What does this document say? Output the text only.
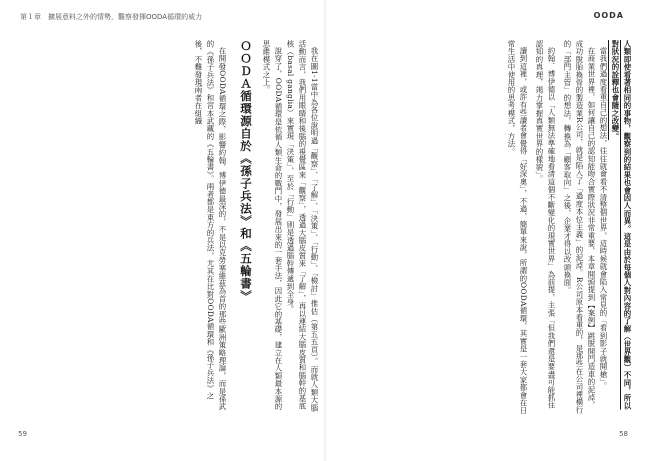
第１章　擴展意料之外的情勢，觀察發揮OODA循環的威力

我在圖1-1當中為各位說明過「觀察」、「了解」、「決策」、「行動」、「檢討」推估（第五五頁）。而就人類大腦活動而言，我們用眼睛和後腦的視覺區來「觀察」，透過大腦皮質來「了解」，再以連結大腦皮質和腦幹的基底核（basal ganglia）來實現「決策」，至於「行動」則是透過腦幹傳遞到全身。

說穿了，OODA循環是依循人類生命的戰鬥中，發展出來的一套手法，因此它的基礎，建立在人類最本源的思維模式之上。

ＯＯＤＡ循環源自於《孫子兵法》和《五輪書》

在開發OODA循環之際，影響約翰．博伊德最深的，不是以克勞塞維茲為首的那些歐洲策略理論，而是孫武的《孫子兵法》和宮本武藏的《五輪書》。兩者都是東方的兵法，尤其在比對OODA循環和《孫子兵法》之後，不難發現兩者在組織

59
OODA

人類即使看著相同的事物，觀察到的結果也會因人而異。這是由於每個人對內容的了解（世界觀）不同，所以對狀況的詮釋也會隨之改變。

當我們過度看重自己的想法，往往就會看不清整個世界，這時候就會陷入常見的「看到影子就開槍」。

在商業世界裡，如何讓自己的認知能吻合實際狀況非常重要，本章開頭提到【案例】跳脫開門造車的泥淖，成功脫胎換骨的製造業R公司，就是陷入了「過度本位主義」的泥淖。R公司原本看重的，是那些在公司裡橫行的「部門主管」的想法，轉換為「顧客取向」之後，企業才得以改頭換面。

約翰．博伊德以「人類無法準確地看清這個不斷變化的現實世界」為前提，主張「但我們還是要盡可能抓住認知的真理，竭力掌握真實世界的樣貌」。

讀到這裡，或許有些讀者會覺得「好深奧」，不過，簡單來說，所謂的OODA循環，其實是一套大家都會在日常生活中使用的思考模式，方法。

58
